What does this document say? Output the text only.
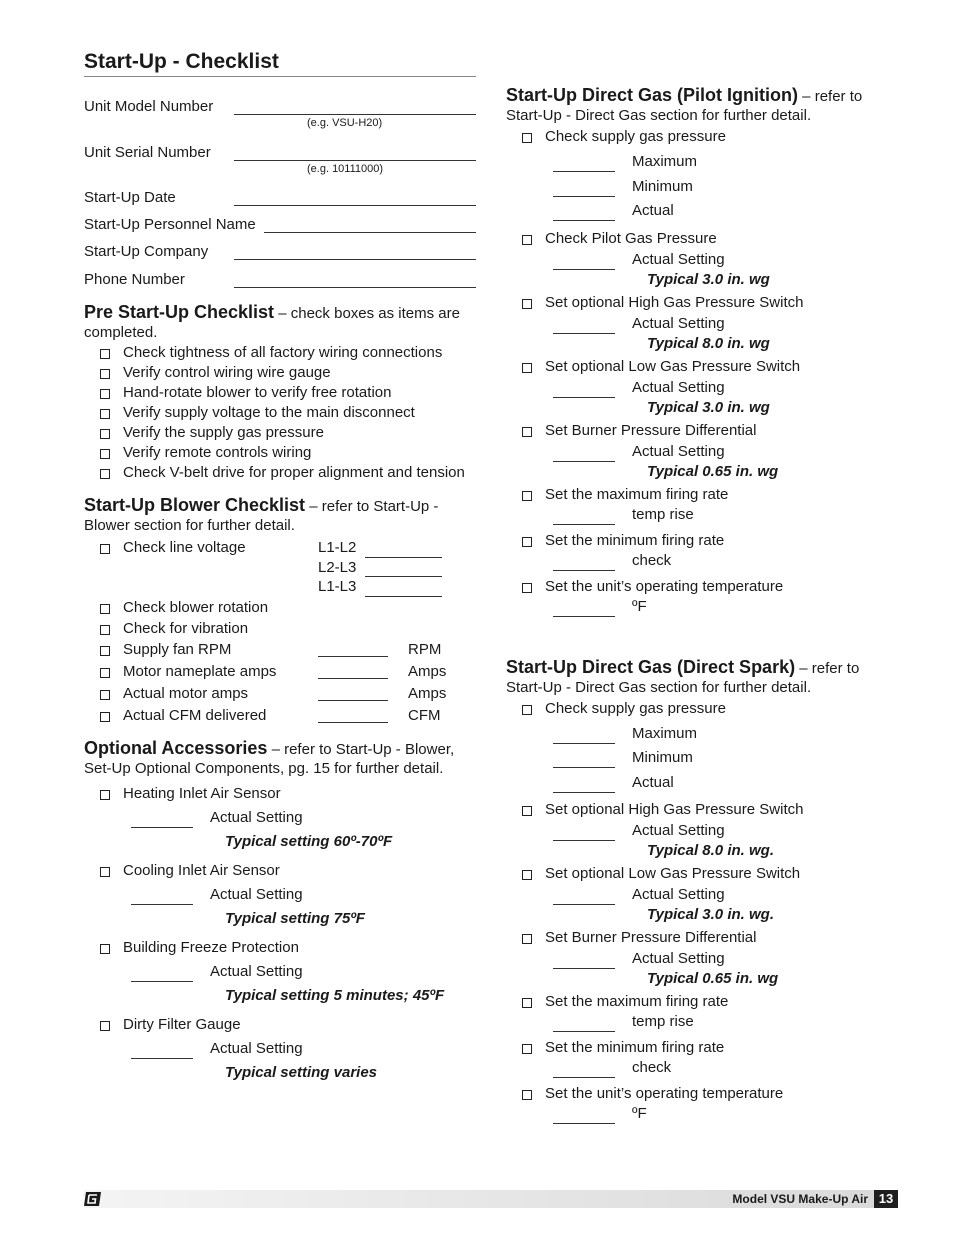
Start-Up - Checklist
Unit Model Number
(e.g. VSU-H20)
Unit Serial Number
(e.g. 10111000)
Start-Up Date
Start-Up Personnel Name
Start-Up Company
Phone Number
Pre Start-Up Checklist – check boxes as items are completed.
Check tightness of all factory wiring connections
Verify control wiring wire gauge
Hand-rotate blower to verify free rotation
Verify supply voltage to the main disconnect
Verify the supply gas pressure
Verify remote controls wiring
Check V-belt drive for proper alignment and tension
Start-Up Blower Checklist – refer to Start-Up - Blower section for further detail.
Check line voltage	L1-L2
L2-L3
L1-L3
Check blower rotation
Check for vibration
Supply fan RPM	RPM
Motor nameplate amps	Amps
Actual motor amps	Amps
Actual CFM delivered	CFM
Optional Accessories – refer to Start-Up - Blower, Set-Up Optional Components, pg. 15 for further detail.
Heating Inlet Air Sensor
Actual Setting
Typical setting 60º-70ºF
Cooling Inlet Air Sensor
Actual Setting
Typical setting 75ºF
Building Freeze Protection
Actual Setting
Typical setting 5 minutes; 45ºF
Dirty Filter Gauge
Actual Setting
Typical setting varies
Start-Up Direct Gas (Pilot Ignition) – refer to Start-Up - Direct Gas section for further detail.
Check supply gas pressure
Maximum
Minimum
Actual
Check Pilot Gas Pressure
Actual Setting
Typical 3.0 in. wg
Set optional High Gas Pressure Switch
Actual Setting
Typical 8.0 in. wg
Set optional Low Gas Pressure Switch
Actual Setting
Typical 3.0 in. wg
Set Burner Pressure Differential
Actual Setting
Typical 0.65 in. wg
Set the maximum firing rate
temp rise
Set the minimum firing rate
check
Set the unit’s operating temperature
ºF
Start-Up Direct Gas (Direct Spark) – refer to Start-Up - Direct Gas section for further detail.
Check supply gas pressure
Maximum
Minimum
Actual
Set optional High Gas Pressure Switch
Actual Setting
Typical 8.0 in. wg.
Set optional Low Gas Pressure Switch
Actual Setting
Typical 3.0 in. wg.
Set Burner Pressure Differential
Actual Setting
Typical 0.65 in. wg
Set the maximum firing rate
temp rise
Set the minimum firing rate
check
Set the unit’s operating temperature
ºF
Model VSU Make-Up Air 13
